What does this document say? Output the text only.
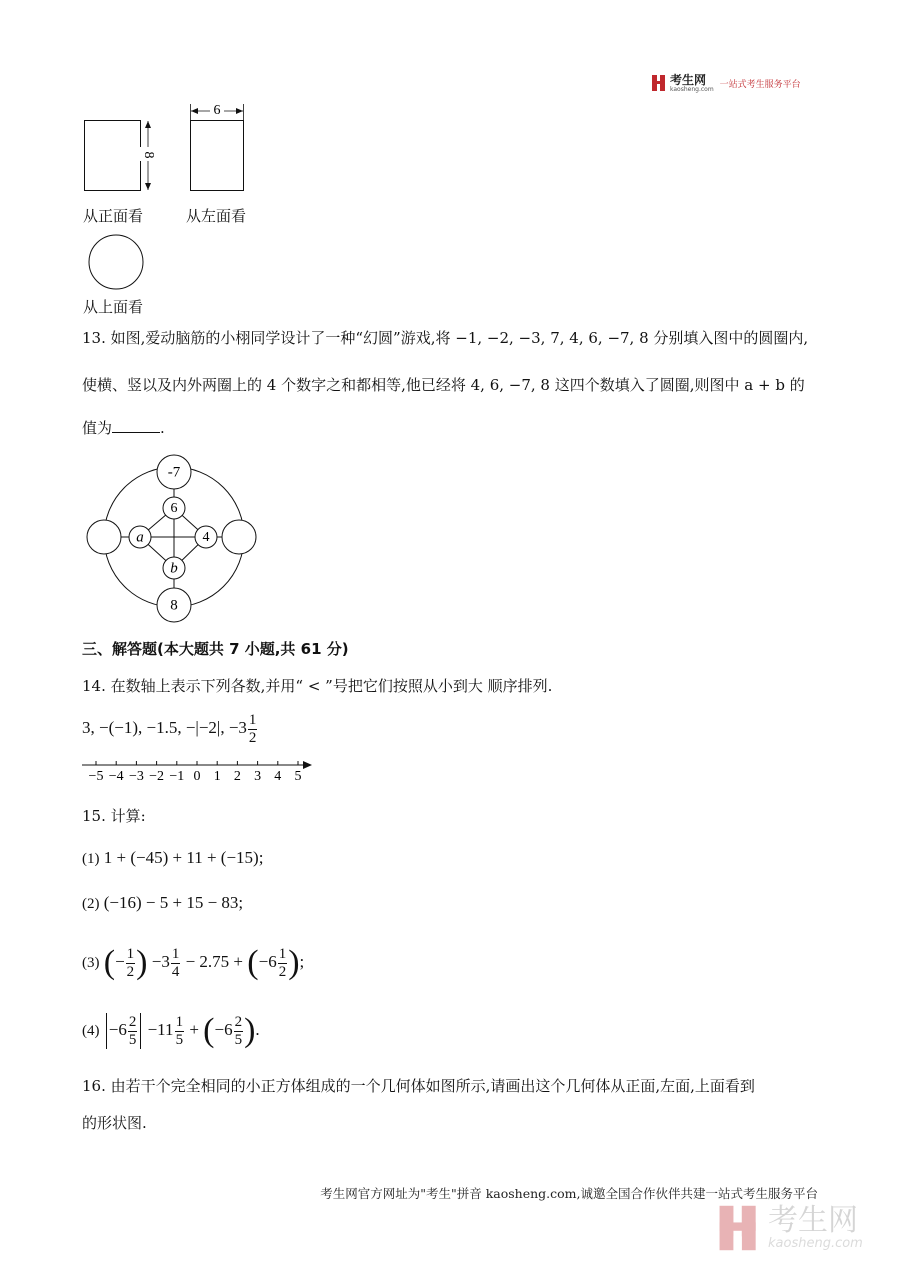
考生网
kaosheng.com 一站式考生服务平台
8
6
从正面看	从左面看
从上面看
13. 如图,爱动脑筋的小栩同学设计了一种“幻圆”游戏,将 −1, −2, −3, 7, 4, 6, −7, 8 分别填入图中的圆圈内,
使横、竖以及内外两圈上的 4 个数字之和都相等,他已经将 4, 6, −7, 8 这四个数填入了圆圈,则图中 a + b 的
值为	.
-7
8
6
4
a
b
三、解答题(本大题共 7 小题,共 61 分)
14. 在数轴上表示下列各数,并用“ < ”号把它们按照从小到大 顺序排列.
3, −(−1), −1.5, −|−2|, $-3 \frac{1}{2}$
−5 −4 −3 −2 −1 0 1 2 3 4 5
15. 计算:
(1) 1 + (−45) + 11 + (−15);
(2) (−16) − 5 + 15 − 83;
(3) (− $\frac{1}{2}$ ) $-3 \frac{1}{4} - 2.75 + (-6 \frac{1}{2}$ );
$(4) -6 \frac{2}{5} -11 \frac{1}{5} + (-6 \frac{2}{5}$ ).
16. 由若干个完全相同的小正方体组成的一个几何体如图所示,请画出这个几何体从正面,左面,上面看到
的形状图.
考生网官方网址为"考生"拼音 kaosheng.com,诚邀全国合作伙伴共建一站式考生服务平台
考生网
kaosheng.com
